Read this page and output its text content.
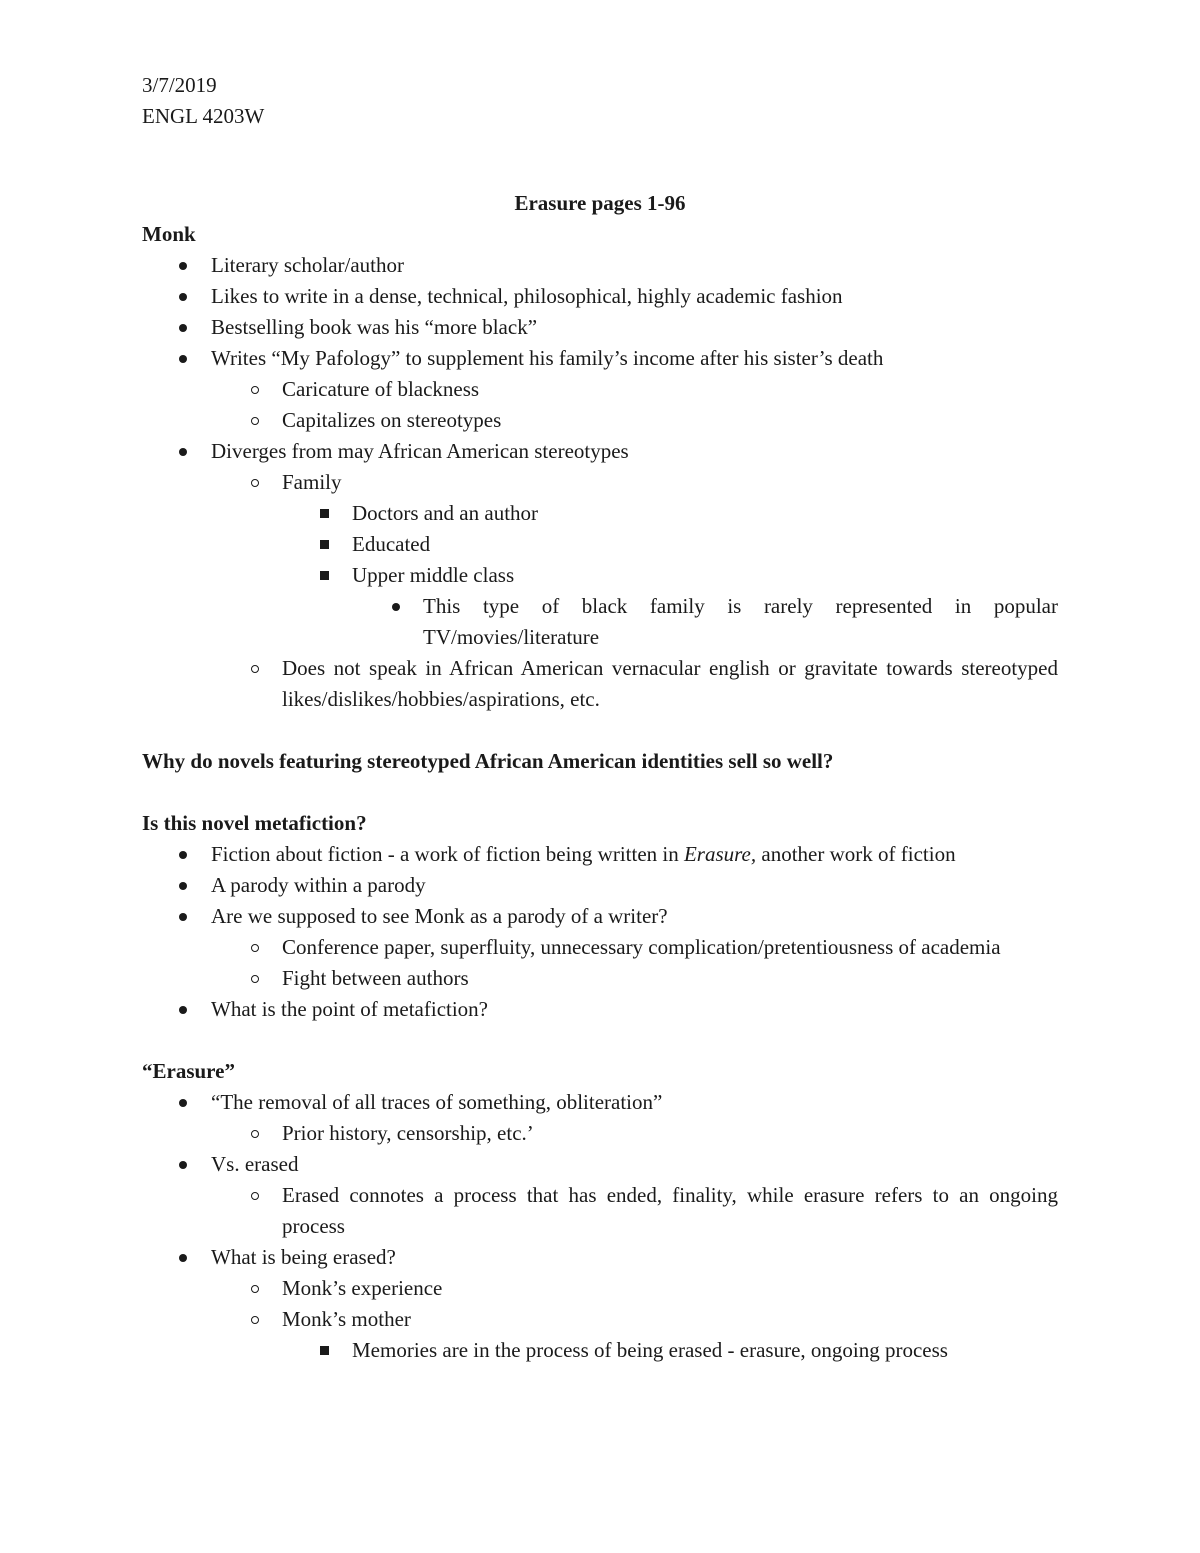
3/7/2019
ENGL 4203W
Erasure pages 1-96
Monk
Literary scholar/author
Likes to write in a dense, technical, philosophical, highly academic fashion
Bestselling book was his “more black”
Writes “My Pafology” to supplement his family’s income after his sister’s death
Caricature of blackness
Capitalizes on stereotypes
Diverges from may African American stereotypes
Family
Doctors and an author
Educated
Upper middle class
This type of black family is rarely represented in popular TV/movies/literature
Does not speak in African American vernacular english or gravitate towards stereotyped likes/dislikes/hobbies/aspirations, etc.
Why do novels featuring stereotyped African American identities sell so well?
Is this novel metafiction?
Fiction about fiction - a work of fiction being written in Erasure, another work of fiction
A parody within a parody
Are we supposed to see Monk as a parody of a writer?
Conference paper, superfluity, unnecessary complication/pretentiousness of academia
Fight between authors
What is the point of metafiction?
“Erasure”
“The removal of all traces of something, obliteration”
Prior history, censorship, etc.’
Vs. erased
Erased connotes a process that has ended, finality, while erasure refers to an ongoing process
What is being erased?
Monk’s experience
Monk’s mother
Memories are in the process of being erased - erasure, ongoing process
